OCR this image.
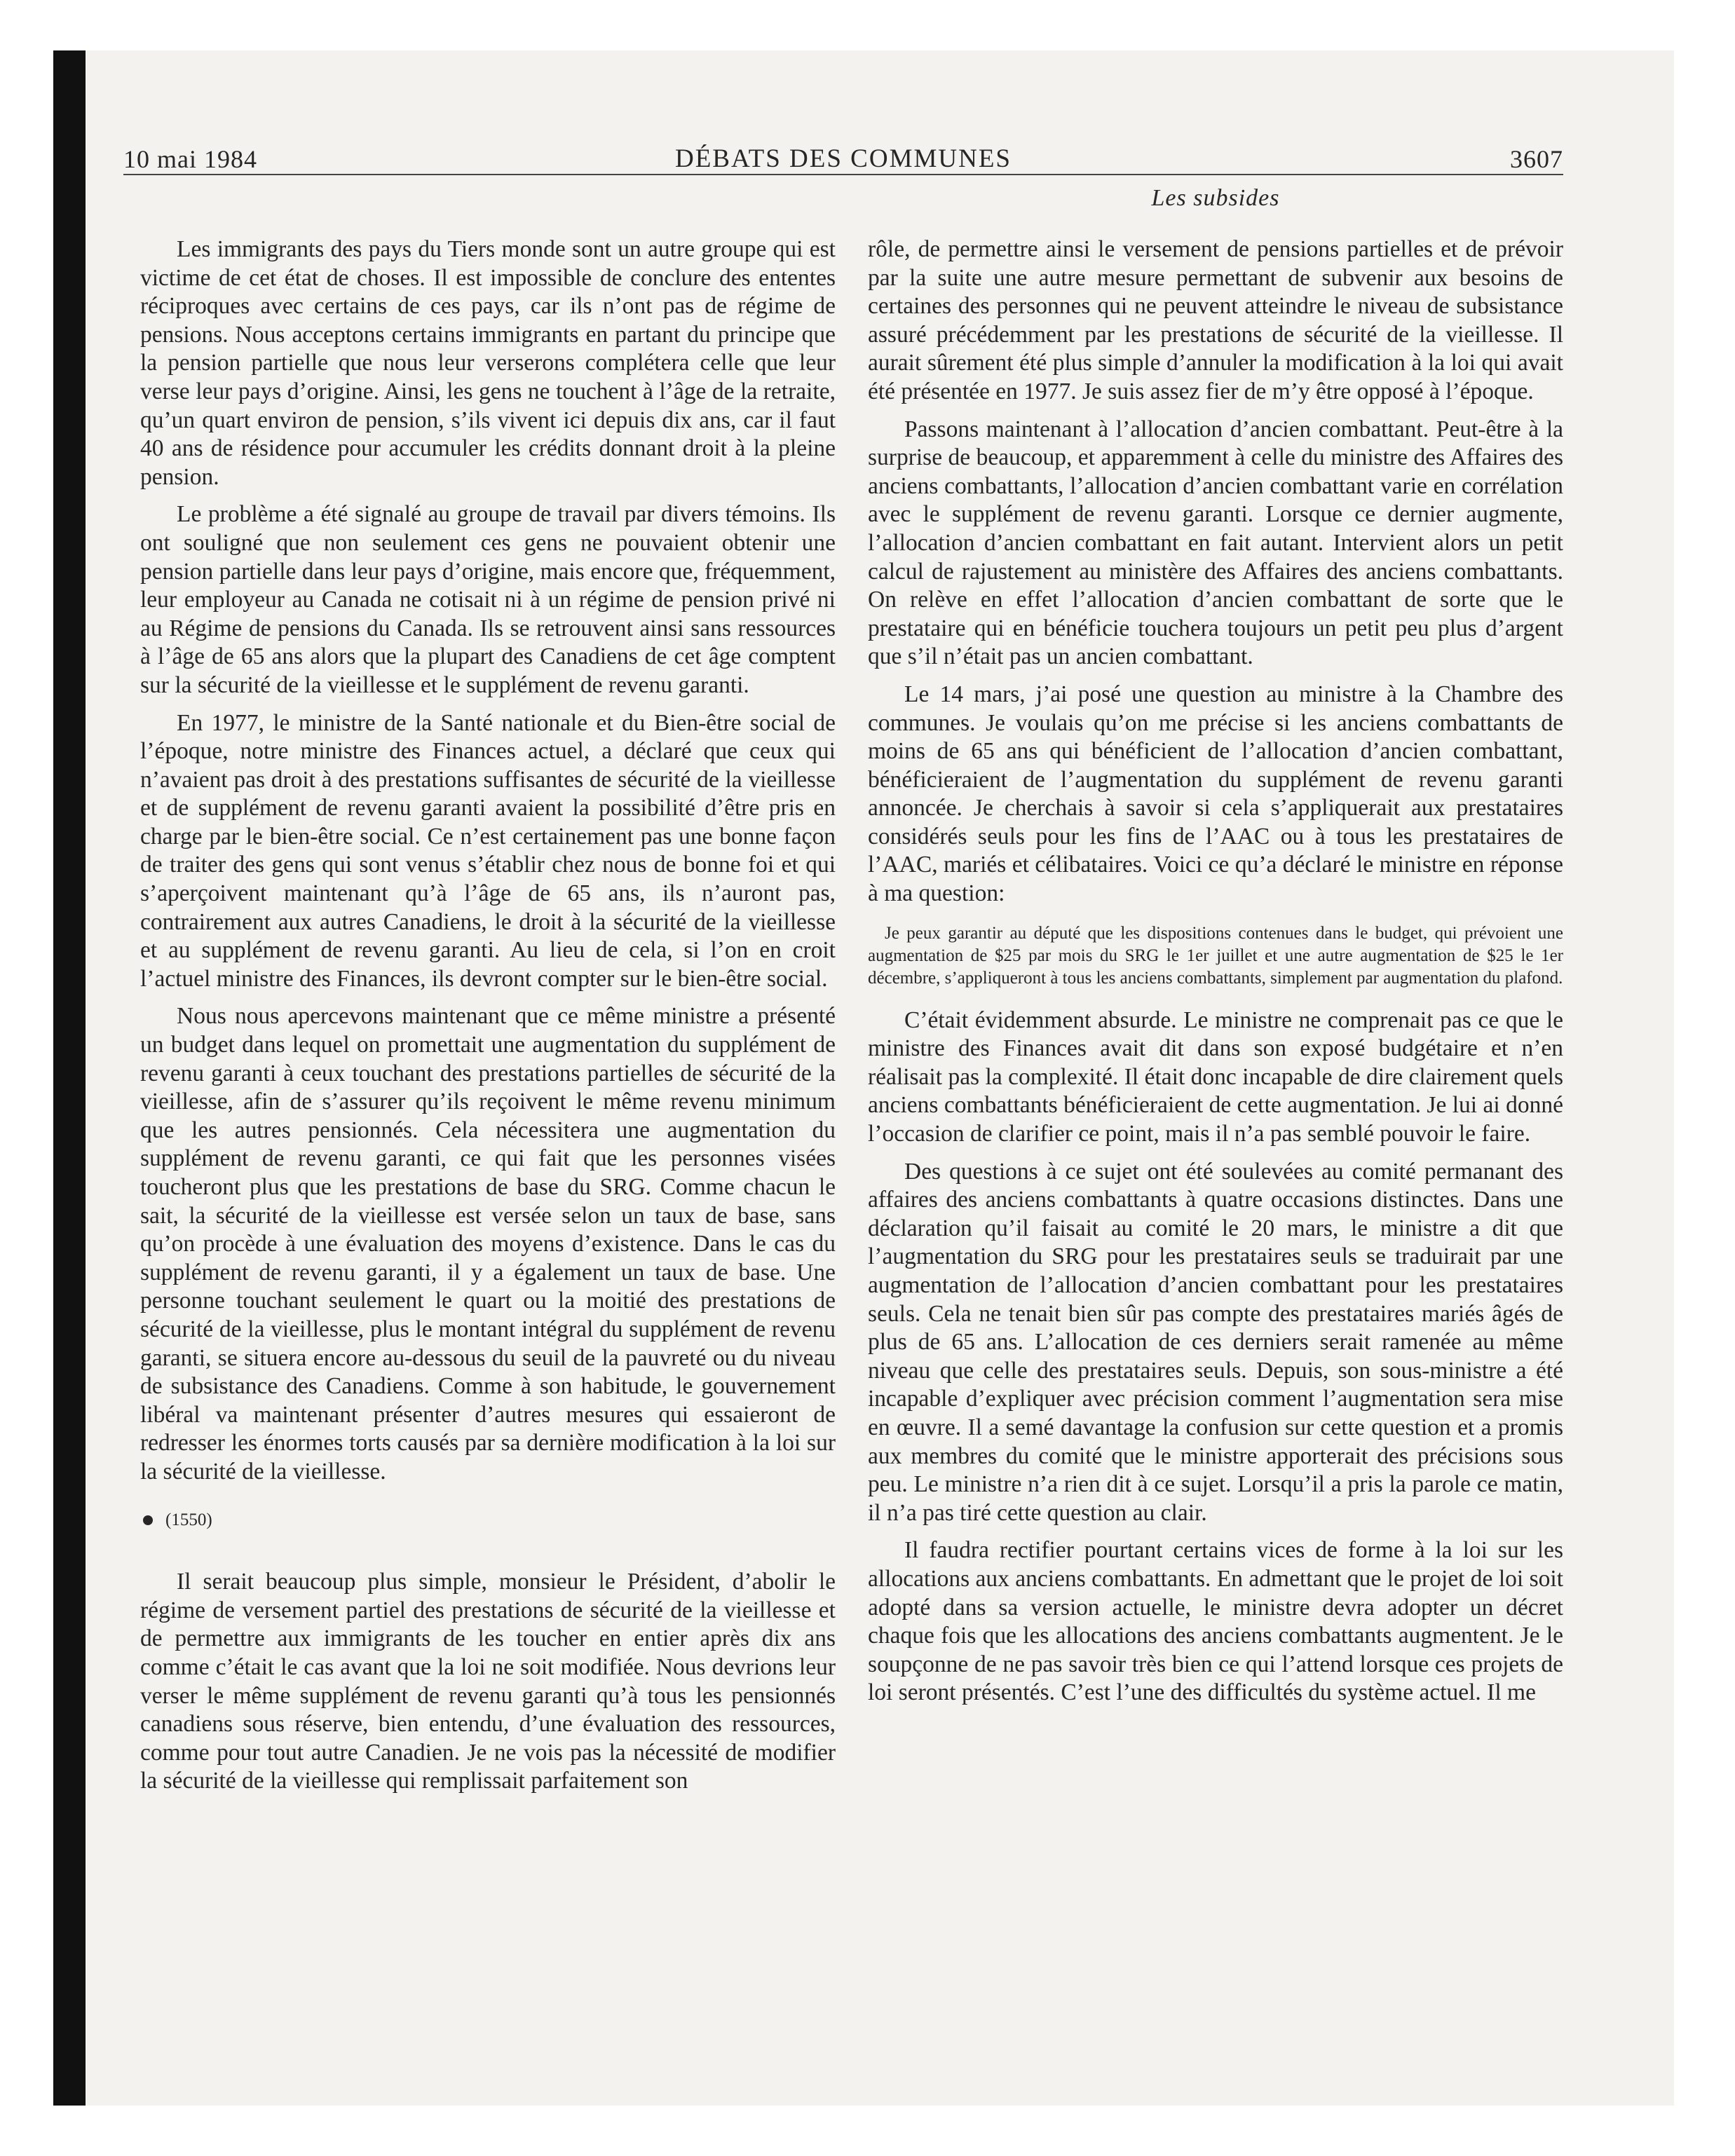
10 mai 1984	DÉBATS DES COMMUNES	3607
Les subsides

Les immigrants des pays du Tiers monde sont un autre groupe qui est victime de cet état de choses. Il est impossible de conclure des ententes réciproques avec certains de ces pays, car ils n’ont pas de régime de pensions. Nous acceptons certains immigrants en partant du principe que la pension partielle que nous leur verserons complétera celle que leur verse leur pays d’origine. Ainsi, les gens ne touchent à l’âge de la retraite, qu’un quart environ de pension, s’ils vivent ici depuis dix ans, car il faut 40 ans de résidence pour accumuler les crédits donnant droit à la pleine pension.

Le problème a été signalé au groupe de travail par divers témoins. Ils ont souligné que non seulement ces gens ne pouvaient obtenir une pension partielle dans leur pays d’origine, mais encore que, fréquemment, leur employeur au Canada ne cotisait ni à un régime de pension privé ni au Régime de pensions du Canada. Ils se retrouvent ainsi sans ressources à l’âge de 65 ans alors que la plupart des Canadiens de cet âge comptent sur la sécurité de la vieillesse et le supplément de revenu garanti.

En 1977, le ministre de la Santé nationale et du Bien-être social de l’époque, notre ministre des Finances actuel, a déclaré que ceux qui n’avaient pas droit à des prestations suffisantes de sécurité de la vieillesse et de supplément de revenu garanti avaient la possibilité d’être pris en charge par le bien-être social. Ce n’est certainement pas une bonne façon de traiter des gens qui sont venus s’établir chez nous de bonne foi et qui s’aperçoivent maintenant qu’à l’âge de 65 ans, ils n’auront pas, contrairement aux autres Canadiens, le droit à la sécurité de la vieillesse et au supplément de revenu garanti. Au lieu de cela, si l’on en croit l’actuel ministre des Finances, ils devront compter sur le bien-être social.

Nous nous apercevons maintenant que ce même ministre a présenté un budget dans lequel on promettait une augmentation du supplément de revenu garanti à ceux touchant des prestations partielles de sécurité de la vieillesse, afin de s’assurer qu’ils reçoivent le même revenu minimum que les autres pensionnés. Cela nécessitera une augmentation du supplément de revenu garanti, ce qui fait que les personnes visées toucheront plus que les prestations de base du SRG. Comme chacun le sait, la sécurité de la vieillesse est versée selon un taux de base, sans qu’on procède à une évaluation des moyens d’existence. Dans le cas du supplément de revenu garanti, il y a également un taux de base. Une personne touchant seulement le quart ou la moitié des prestations de sécurité de la vieillesse, plus le montant intégral du supplément de revenu garanti, se situera encore au-dessous du seuil de la pauvreté ou du niveau de subsistance des Canadiens. Comme à son habitude, le gouvernement libéral va maintenant présenter d’autres mesures qui essaieront de redresser les énormes torts causés par sa dernière modification à la loi sur la sécurité de la vieillesse.

(1550)

Il serait beaucoup plus simple, monsieur le Président, d’abolir le régime de versement partiel des prestations de sécurité de la vieillesse et de permettre aux immigrants de les toucher en entier après dix ans comme c’était le cas avant que la loi ne soit modifiée. Nous devrions leur verser le même supplément de revenu garanti qu’à tous les pensionnés canadiens sous réserve, bien entendu, d’une évaluation des ressources, comme pour tout autre Canadien. Je ne vois pas la nécessité de modifier la sécurité de la vieillesse qui remplissait parfaitement son

rôle, de permettre ainsi le versement de pensions partielles et de prévoir par la suite une autre mesure permettant de subvenir aux besoins de certaines des personnes qui ne peuvent atteindre le niveau de subsistance assuré précédemment par les prestations de sécurité de la vieillesse. Il aurait sûrement été plus simple d’annuler la modification à la loi qui avait été présentée en 1977. Je suis assez fier de m’y être opposé à l’époque.

Passons maintenant à l’allocation d’ancien combattant. Peut-être à la surprise de beaucoup, et apparemment à celle du ministre des Affaires des anciens combattants, l’allocation d’ancien combattant varie en corrélation avec le supplément de revenu garanti. Lorsque ce dernier augmente, l’allocation d’ancien combattant en fait autant. Intervient alors un petit calcul de rajustement au ministère des Affaires des anciens combattants. On relève en effet l’allocation d’ancien combattant de sorte que le prestataire qui en bénéficie touchera toujours un petit peu plus d’argent que s’il n’était pas un ancien combattant.

Le 14 mars, j’ai posé une question au ministre à la Chambre des communes. Je voulais qu’on me précise si les anciens combattants de moins de 65 ans qui bénéficient de l’allocation d’ancien combattant, bénéficieraient de l’augmentation du supplément de revenu garanti annoncée. Je cherchais à savoir si cela s’appliquerait aux prestataires considérés seuls pour les fins de l’AAC ou à tous les prestataires de l’AAC, mariés et célibataires. Voici ce qu’a déclaré le ministre en réponse à ma question:

Je peux garantir au député que les dispositions contenues dans le budget, qui prévoient une augmentation de $25 par mois du SRG le 1er juillet et une autre augmentation de $25 le 1er décembre, s’appliqueront à tous les anciens combattants, simplement par augmentation du plafond.

C’était évidemment absurde. Le ministre ne comprenait pas ce que le ministre des Finances avait dit dans son exposé budgétaire et n’en réalisait pas la complexité. Il était donc incapable de dire clairement quels anciens combattants bénéficieraient de cette augmentation. Je lui ai donné l’occasion de clarifier ce point, mais il n’a pas semblé pouvoir le faire.

Des questions à ce sujet ont été soulevées au comité permanant des affaires des anciens combattants à quatre occasions distinctes. Dans une déclaration qu’il faisait au comité le 20 mars, le ministre a dit que l’augmentation du SRG pour les prestataires seuls se traduirait par une augmentation de l’allocation d’ancien combattant pour les prestataires seuls. Cela ne tenait bien sûr pas compte des prestataires mariés âgés de plus de 65 ans. L’allocation de ces derniers serait ramenée au même niveau que celle des prestataires seuls. Depuis, son sous-ministre a été incapable d’expliquer avec précision comment l’augmentation sera mise en œuvre. Il a semé davantage la confusion sur cette question et a promis aux membres du comité que le ministre apporterait des précisions sous peu. Le ministre n’a rien dit à ce sujet. Lorsqu’il a pris la parole ce matin, il n’a pas tiré cette question au clair.

Il faudra rectifier pourtant certains vices de forme à la loi sur les allocations aux anciens combattants. En admettant que le projet de loi soit adopté dans sa version actuelle, le ministre devra adopter un décret chaque fois que les allocations des anciens combattants augmentent. Je le soupçonne de ne pas savoir très bien ce qui l’attend lorsque ces projets de loi seront présentés. C’est l’une des difficultés du système actuel. Il me
